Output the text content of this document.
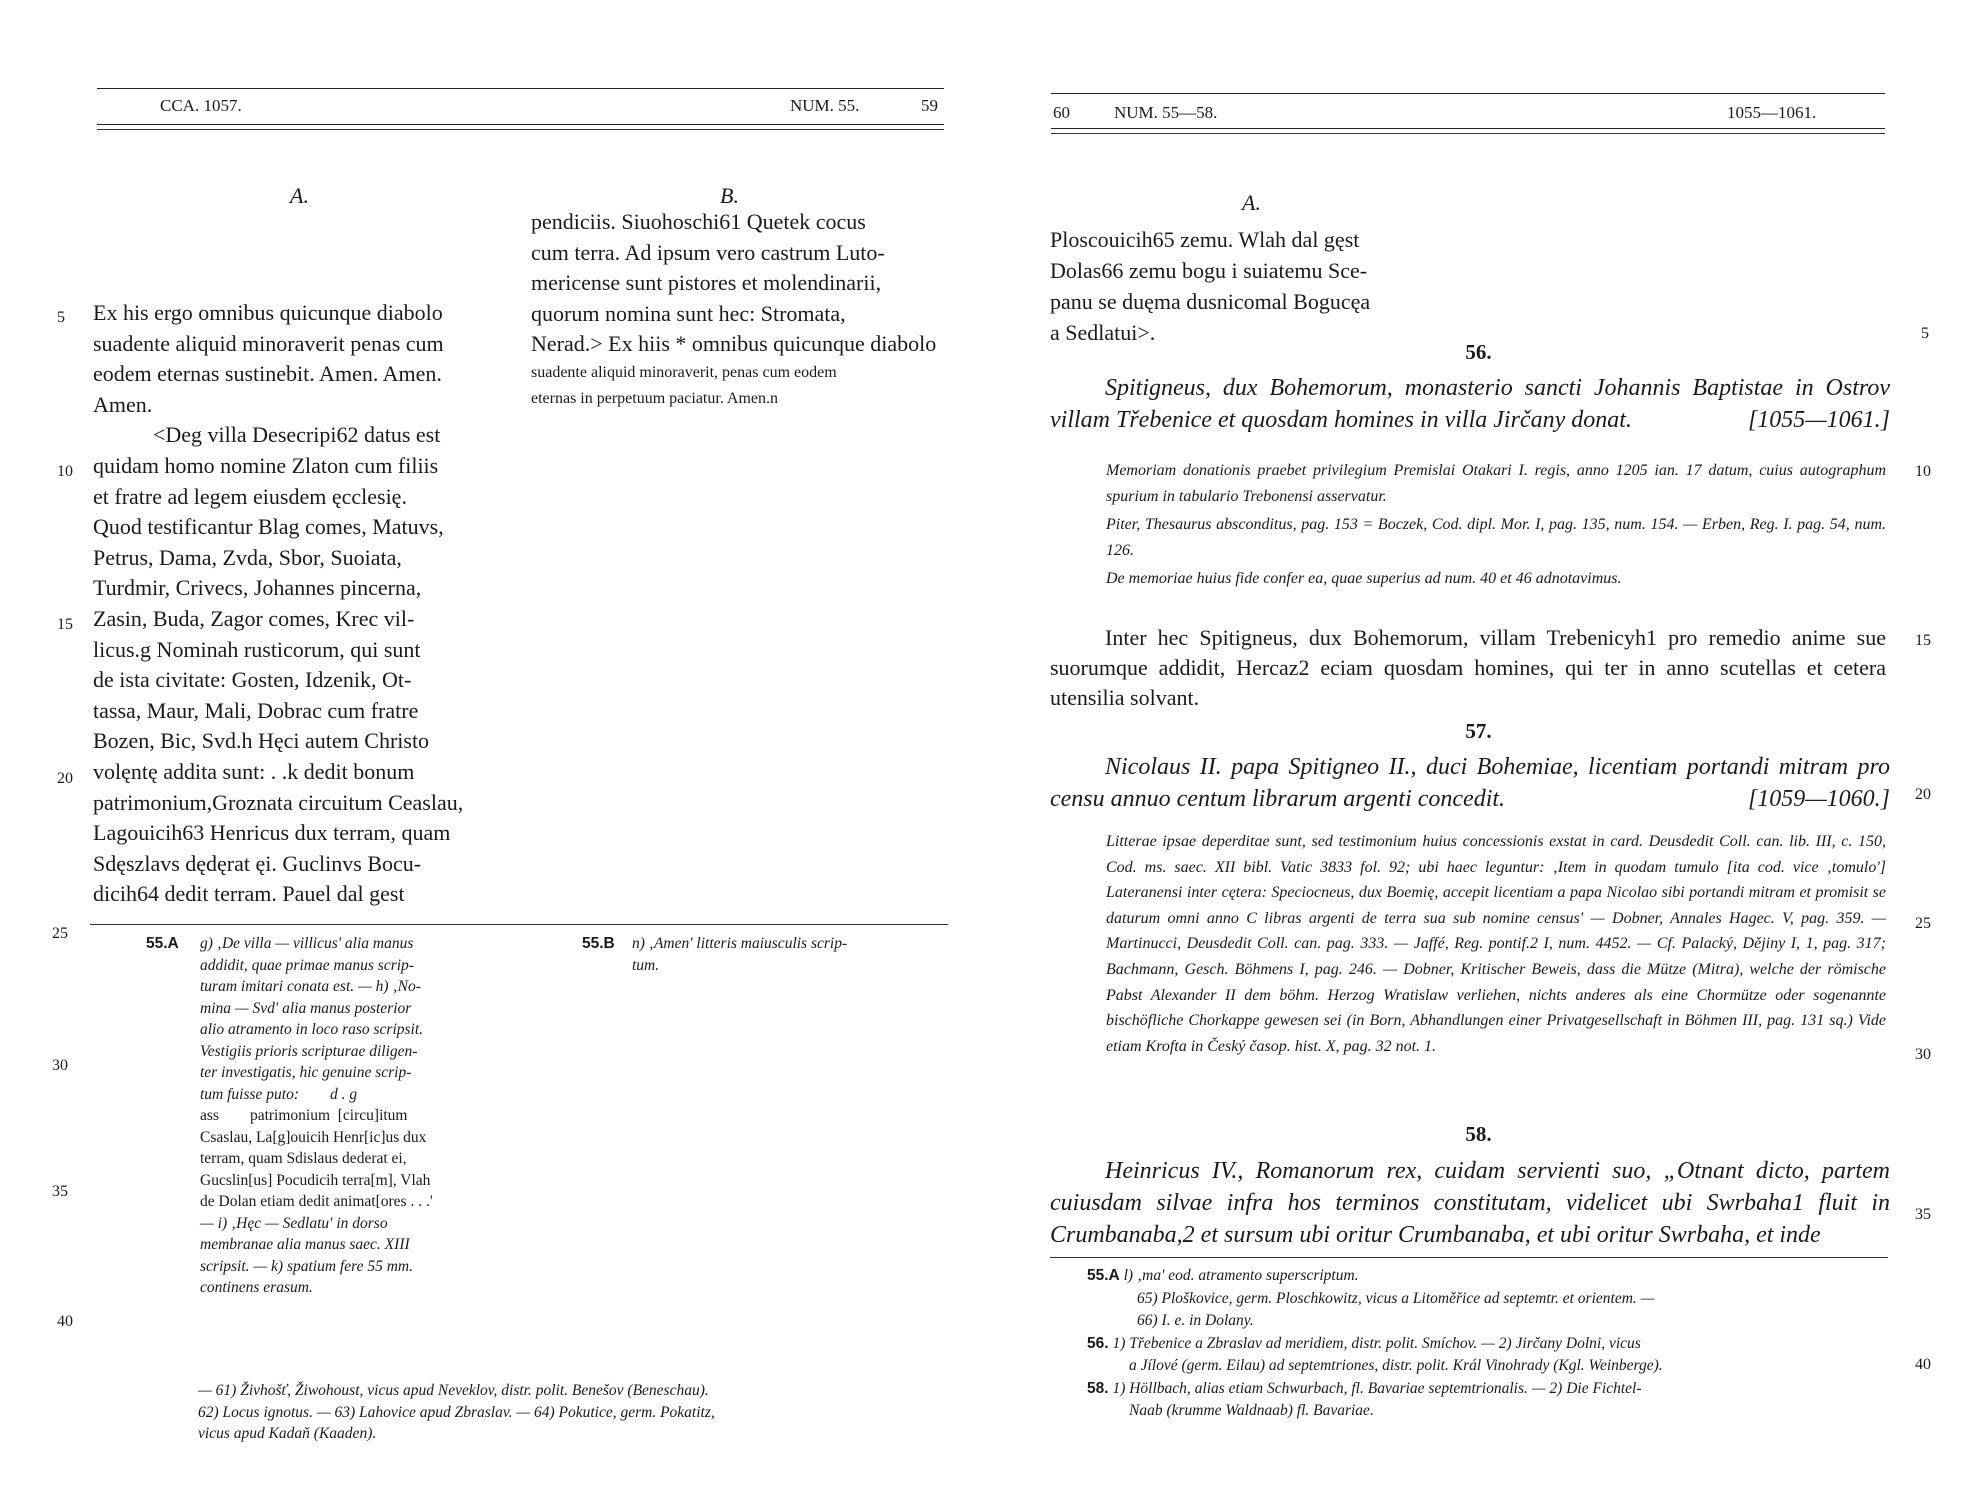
CCA. 1057.	NUM. 55.	59
A.	B.

Ex his ergo omnibus quicunque diabolo

suadente aliquid minoraverit penas cum

eodem eternas sustinebit. Amen. Amen.

Amen.

<Deg villa Desecripi62 datus est

quidam homo nomine Zlaton cum filiis

et fratre ad legem eiusdem ęcclesię.

Quod testificantur Blag comes, Matuvs,

Petrus, Dama, Zvda, Sbor, Suoiata,

Turdmir, Crivecs, Johannes pincerna,

Zasin, Buda, Zagor comes, Krec vil-

licus.g Nominah rusticorum, qui sunt

de ista civitate: Gosten, Idzenik, Ot-

tassa, Maur, Mali, Dobrac cum fratre

Bozen, Bic, Svd.h Hęci autem Christo

volęntę addita sunt: . .k dedit bonum

patrimonium,Groznata circuitum Ceaslau,

Lagouicih63 Henricus dux terram, quam

Sdęszlavs dędęrat ęi. Guclinvs Bocu-

dicih64 dedit terram. Pauel dal gest

pendiciis. Siuohoschi61 Quetek cocus

cum terra. Ad ipsum vero castrum Luto-

mericense sunt pistores et molendinarii,

quorum nomina sunt hec: Stromata,

Nerad.> Ex hiis * omnibus quicunque diabolo

suadente aliquid minoraverit, penas cum eodem

eternas in perpetuum paciatur. Amen.n

5
10
15
20
25
30
35
40
55.A g) ‚De villa — villicus' alia manus
addidit, quae primae manus scrip-
turam imitari conata est. — h) ‚No-
mina — Svd' alia manus posterior
alio atramento in loco raso scripsit.
Vestigiis prioris scripturae diligen-
ter investigatis, hic genuine scrip-
tum fuisse puto:        d . g
ass        patrimonium  [circu]itum
Csaslau, La[g]ouicih Henr[ic]us dux
terram, quam Sdislaus dederat ei,
Gucslin[us] Pocudicih terra[m], Vlah
de Dolan etiam dedit animat[ores . . .'
— i) ‚Hęc — Sedlatu' in dorso
membranae alia manus saec. XIII
scripsit. — k) spatium fere 55 mm.
continens erasum.
55.B n) ‚Amen' litteris maiusculis scrip-
tum.
— 61) Živhošť, Žiwohoust, vicus apud Neveklov, distr. polit. Benešov (Beneschau).
62) Locus ignotus. — 63) Lahovice apud Zbraslav. — 64) Pokutice, germ. Pokatitz,
vicus apud Kadaň (Kaaden).
60	NUM. 55—58.	1055—1061.
A.

Ploscouicih65 zemu. Wlah dal gęst

Dolas66 zemu bogu i suiatemu Sce-

panu se duęma dusnicomal Bogucęa

a Sedlatui>.	5
10
15
20
25
30
35
40
56.
Spitigneus, dux Bohemorum, monasterio sancti Johannis Baptistae in Ostrov villam Třebenice et quosdam homines in villa Jirčany donat.	[1055—1061.]
Memoriam donationis praebet privilegium Premislai Otakari I. regis, anno 1205 ian. 17 datum, cuius autographum spurium in tabulario Trebonensi asservatur.
Piter, Thesaurus absconditus, pag. 153 = Boczek, Cod. dipl. Mor. I, pag. 135, num. 154. — Erben, Reg. I. pag. 54, num. 126.
De memoriae huius fide confer ea, quae superius ad num. 40 et 46 adnotavimus.
Inter hec Spitigneus, dux Bohemorum, villam Trebenicyh1 pro remedio anime sue suorumque addidit, Hercaz2 eciam quosdam homines, qui ter in anno scutellas et cetera utensilia solvant.
57.
Nicolaus II. papa Spitigneo II., duci Bohemiae, licentiam portandi mitram pro censu annuo centum librarum argenti concedit.	[1059—1060.]
Litterae ipsae deperditae sunt, sed testimonium huius concessionis exstat in card. Deusdedit Coll. can. lib. III, c. 150, Cod. ms. saec. XII bibl. Vatic 3833 fol. 92; ubi haec leguntur: ‚Item in quodam tumulo [ita cod. vice ‚tomulo'] Lateranensi inter cętera: Speciocneus, dux Boemię, accepit licentiam a papa Nicolao sibi portandi mitram et promisit se daturum omni anno C libras argenti de terra sua sub nomine census' — Dobner, Annales Hagec. V, pag. 359. — Martinucci, Deusdedit Coll. can. pag. 333. — Jaffé, Reg. pontif.2 I, num. 4452. — Cf. Palacký, Dějiny I, 1, pag. 317; Bachmann, Gesch. Böhmens I, pag. 246. — Dobner, Kritischer Beweis, dass die Mütze (Mitra), welche der römische Pabst Alexander II dem böhm. Herzog Wratislaw verliehen, nichts anderes als eine Chormütze oder sogenannte bischöfliche Chorkappe gewesen sei (in Born, Abhandlungen einer Privatgesellschaft in Böhmen III, pag. 131 sq.) Vide etiam Krofta in Český časop. hist. X, pag. 32 not. 1.
58.
Heinricus IV., Romanorum rex, cuidam servienti suo, „Otnant dicto, partem cuiusdam silvae infra hos terminos constitutam, videlicet ubi Swrbaha1 fluit in Crumbanaba,2 et sursum ubi oritur Crumbanaba, et ubi oritur Swrbaha, et inde
55.A l) ‚ma' eod. atramento superscriptum.
65) Ploškovice, germ. Ploschkowitz, vicus a Litoměřice ad septemtr. et orientem. —
66) I. e. in Dolany.
56. 1) Třebenice a Zbraslav ad meridiem, distr. polit. Smíchov. — 2) Jirčany Dolni, vicus
a Jílové (germ. Eilau) ad septemtriones, distr. polit. Král Vinohrady (Kgl. Weinberge).
58. 1) Höllbach, alias etiam Schwurbach, fl. Bavariae septemtrionalis. — 2) Die Fichtel-
Naab (krumme Waldnaab) fl. Bavariae.
